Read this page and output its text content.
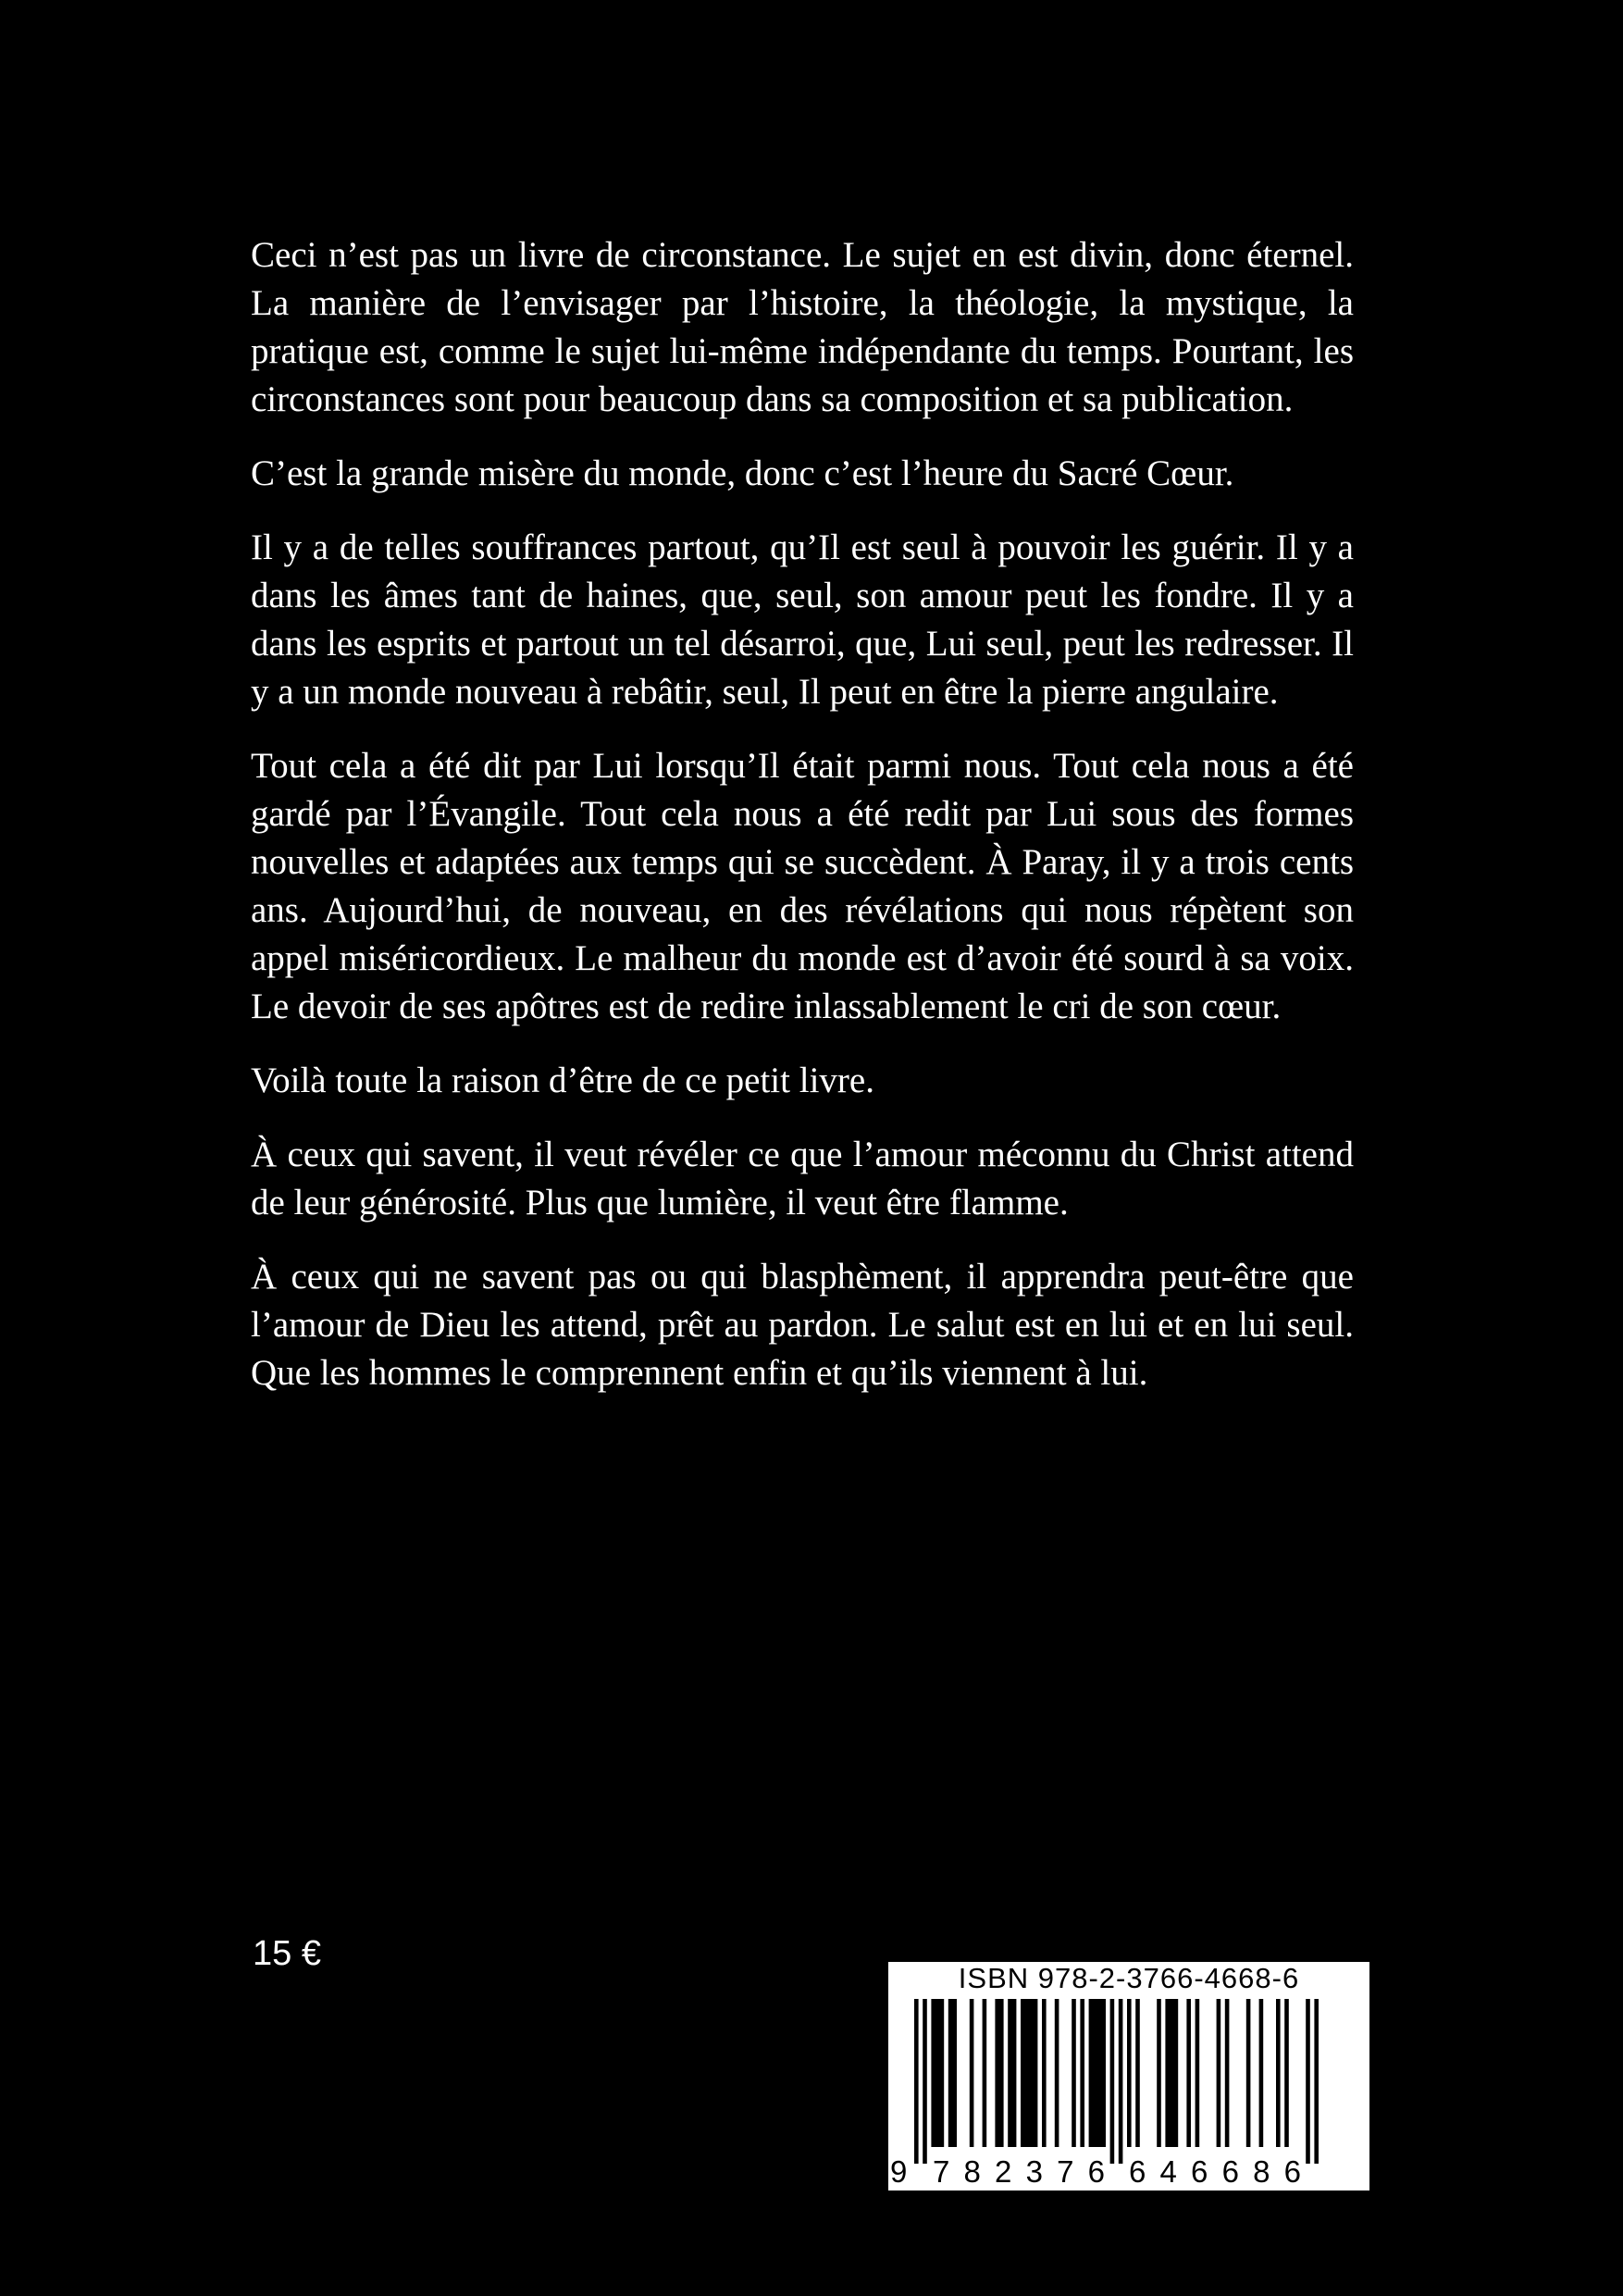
Ceci n’est pas un livre de circonstance. Le sujet en est divin, donc éternel. La manière de l’envisager par l’histoire, la théologie, la mystique, la pratique est, comme le sujet lui-même indépendante du temps. Pourtant, les circonstances sont pour beaucoup dans sa composition et sa publication.

C’est la grande misère du monde, donc c’est l’heure du Sacré Cœur.

Il y a de telles souffrances partout, qu’Il est seul à pouvoir les guérir. Il y a dans les âmes tant de haines, que, seul, son amour peut les fondre. Il y a dans les esprits et partout un tel désarroi, que, Lui seul, peut les redresser. Il y a un monde nouveau à rebâtir, seul, Il peut en être la pierre angulaire.

Tout cela a été dit par Lui lorsqu’Il était parmi nous. Tout cela nous a été gardé par l’Évangile. Tout cela nous a été redit par Lui sous des formes nouvelles et adaptées aux temps qui se succèdent. À Paray, il y a trois cents ans. Aujourd’hui, de nouveau, en des révélations qui nous répètent son appel miséricordieux. Le malheur du monde est d’avoir été sourd à sa voix. Le devoir de ses apôtres est de redire inlassablement le cri de son cœur.

Voilà toute la raison d’être de ce petit livre.

À ceux qui savent, il veut révéler ce que l’amour méconnu du Christ attend de leur générosité. Plus que lumière, il veut être flamme.

À ceux qui ne savent pas ou qui blasphèment, il apprendra peut-être que l’amour de Dieu les attend, prêt au pardon. Le salut est en lui et en lui seul. Que les hommes le comprennent enfin et qu’ils viennent à lui.

15 €
ISBN 978-2-3766-4668-6
9 782376 646686
